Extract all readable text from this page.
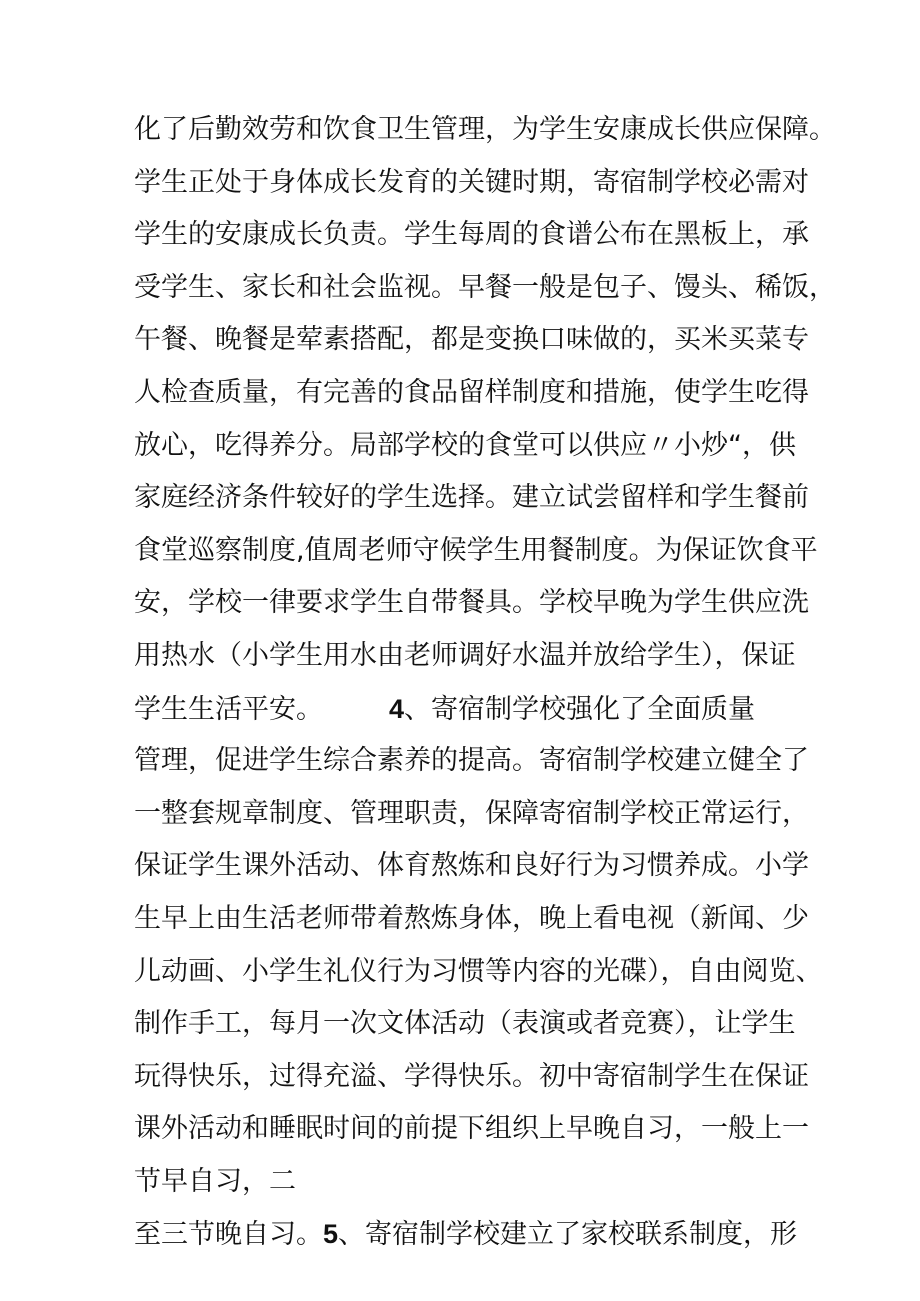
化了后勤效劳和饮食卫生管理，为学生安康成长供应保障。
学生正处于身体成长发育的关键时期，寄宿制学校必需对
学生的安康成长负责。学生每周的食谱公布在黑板上，承
受学生、家长和社会监视。早餐一般是包子、馒头、稀饭，
午餐、晚餐是荤素搭配，都是变换口味做的，买米买菜专
人检查质量，有完善的食品留样制度和措施，使学生吃得
放心，吃得养分。局部学校的食堂可以供应〃小炒“，供
家庭经济条件较好的学生选择。建立试尝留样和学生餐前
食堂巡察制度,值周老师守候学生用餐制度。为保证饮食平
安，学校一律要求学生自带餐具。学校早晚为学生供应洗
用热水（小学生用水由老师调好水温并放给学生），保证
学生生活平安。 4、寄宿制学校强化了全面质量
管理，促进学生综合素养的提高。寄宿制学校建立健全了
一整套规章制度、管理职责，保障寄宿制学校正常运行，
保证学生课外活动、体育熬炼和良好行为习惯养成。小学
生早上由生活老师带着熬炼身体，晚上看电视（新闻、少
儿动画、小学生礼仪行为习惯等内容的光碟），自由阅览、
制作手工，每月一次文体活动（表演或者竞赛），让学生
玩得快乐，过得充溢、学得快乐。初中寄宿制学生在保证
课外活动和睡眠时间的前提下组织上早晚自习，一般上一
节早自习，二
至三节晚自习。5、寄宿制学校建立了家校联系制度，形
